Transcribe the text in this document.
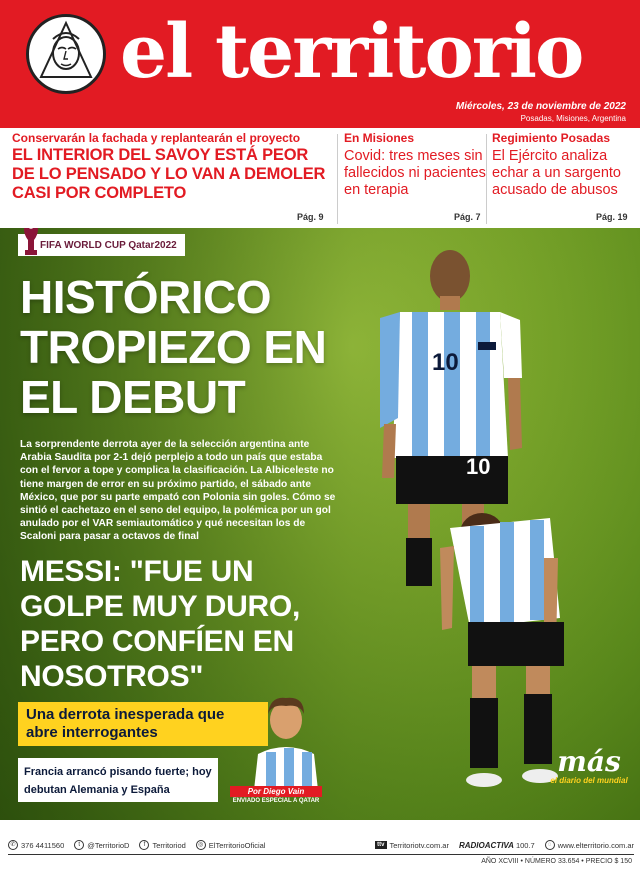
el territorio
Miércoles, 23 de noviembre de 2022
Posadas, Misiones, Argentina
Conservarán la fachada y replantearán el proyecto
EL INTERIOR DEL SAVOY ESTÁ PEOR DE LO PENSADO Y LO VAN A DEMOLER CASI POR COMPLETO
Pág. 9
En Misiones
Covid: tres meses sin fallecidos ni pacientes en terapia
Pág. 7
Regimiento Posadas
El Ejército analiza echar a un sargento acusado de abusos
Pág. 19
10
10
FIFA WORLD CUP Qatar2022
HISTÓRICO TROPIEZO EN EL DEBUT
La sorprendente derrota ayer de la selección argentina ante Arabia Saudita por 2-1 dejó perplejo a todo un país que estaba con el fervor a tope y complica la clasificación. La Albiceleste no tiene margen de error en su próximo partido, el sábado ante México, que por su parte empató con Polonia sin goles. Cómo se sintió el cachetazo en el seno del equipo, la polémica por un gol anulado por el VAR semiautomático y qué necesitan los de Scaloni para pasar a octavos de final
MESSI: "FUE UN GOLPE MUY DURO, PERO CONFÍEN EN NOSOTROS"
Una derrota inesperada que abre interrogantes
Francia arrancó pisando fuerte; hoy debutan Alemania y España	Por Diego Vain
ENVIADO ESPECIAL A QATAR
más
el diario del mundial
✆ 376 4411560	t @TerritorioD	f Territoriod	◎ ElTerritorioOficial	ttv Territoriotv.com.ar RADIOACTIVA 100.7	◌ www.elterritorio.com.ar
AÑO XCVIII • NÚMERO 33.654 • PRECIO $ 150
